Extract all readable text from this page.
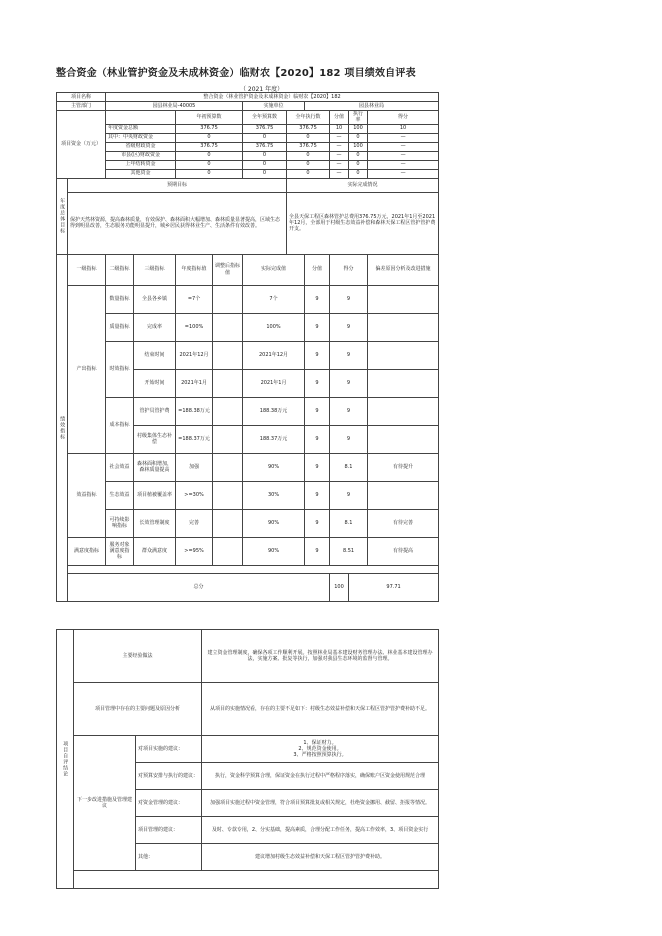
整合资金（林业管护资金及未成林资金）临财农【2020】182 项目绩效自评表
（ 2021 年度）
项目名称		整合资金（林业管护资金及未成林资金）临财农【2020】182										
主管部门		园县林业局-40005				实施单位		园县林业局				
项目资金（万元）				年初预算数		全年预算数	全年执行数		分值	执行率	得分	
		年度资金总额		376.75		376.75	376.75		10	100	10	
		其中：中央财政资金		0		0	0		—	0	—	
		省级财政资金		376.75		376.75	376.75		—	100	—	
		市县(区)财政资金		0		0	0		—	0	—	
		上年结转资金		0		0	0		—	0	—	
		其他资金		0		0	0		—	0	—	
年度总体目标	预期目标						实际完成情况					
	保护天然林资源，提高森林质量，有效保护、森林面积大幅增加、森林质量显著提高，区域生态得到明显改善，生态服务功能明显提升，城乡居民获得林业生产、生活条件有效改善。						全县天保工程区森林管护总费用376.75万元，2021年1月至2021年12月，全部用于村级生态效益补偿和森林天保工程区管护管护费开支。					
绩效指标	一级指标	二级指标	三级指标	年度指标值	调整后指标值	实际完成值		分值	得分		偏差原因分析及改进措施	
	产出指标	数量指标	全县各乡镇	=7个		7个		9	9			
		质量指标	完成率	=100%		100%		9	9			
		时效指标	结束时间	2021年12月		2021年12月		9	9			
			开始时间	2021年1月		2021年1月		9	9			
		成本指标	管护员管护费	=188.38万元		188.38万元		9	9			
			村级集体生态补偿	=188.37万元		188.37万元		9	9			
	效益指标	社会效益	森林面积增加，森林质量提高	加强		90%		9	8.1		有待提升	
		生态效益	项目植被覆盖率	>=30%		30%		9	9			
		可持续影响指标	长效管理制度	完善		90%		9	8.1		有待完善	
	满意度指标	服务对象满意度指标	群众满意度	>=95%		90%		9	8.51		有待提高	

	总分								100	97.71		
项目自评结论	主要经验做法		建立资金管理制度，确保各项工作顺利开展。按照林业局基本建设财务管理办法、林业基本建设管理办法，实施方案、批复等执行，加强对我县生态环境的监督与管理。
	项目管理中存在的主要问题及原因分析		从项目的实施情况看，存在的主要不足如下：村级生态效益补偿和天保工程区管护管护费补助不足。
	下一步改进措施及管理建议	对项目实施的建议：	1、保证财力。
2、规范资金使用。
3、严格按照预算执行。
		对预算安排与执行的建议：	执行，资金科学预算合理，保证资金在执行过程中严格程序落实，确保账户区资金使用规范合理
		对资金管理的建议：	加强项目实施过程中资金管理，符合项目预算批复或相关规定，杜绝资金挪用、截留、拒报等情况。
		项目管理的建议：	及时、专款专用，2、分实基础，提高素质，合理分配工作任务，提高工作效率，3、项目资金实行
		其他：	建议增加村级生态效益补偿和天保工程区管护管护费补助。
